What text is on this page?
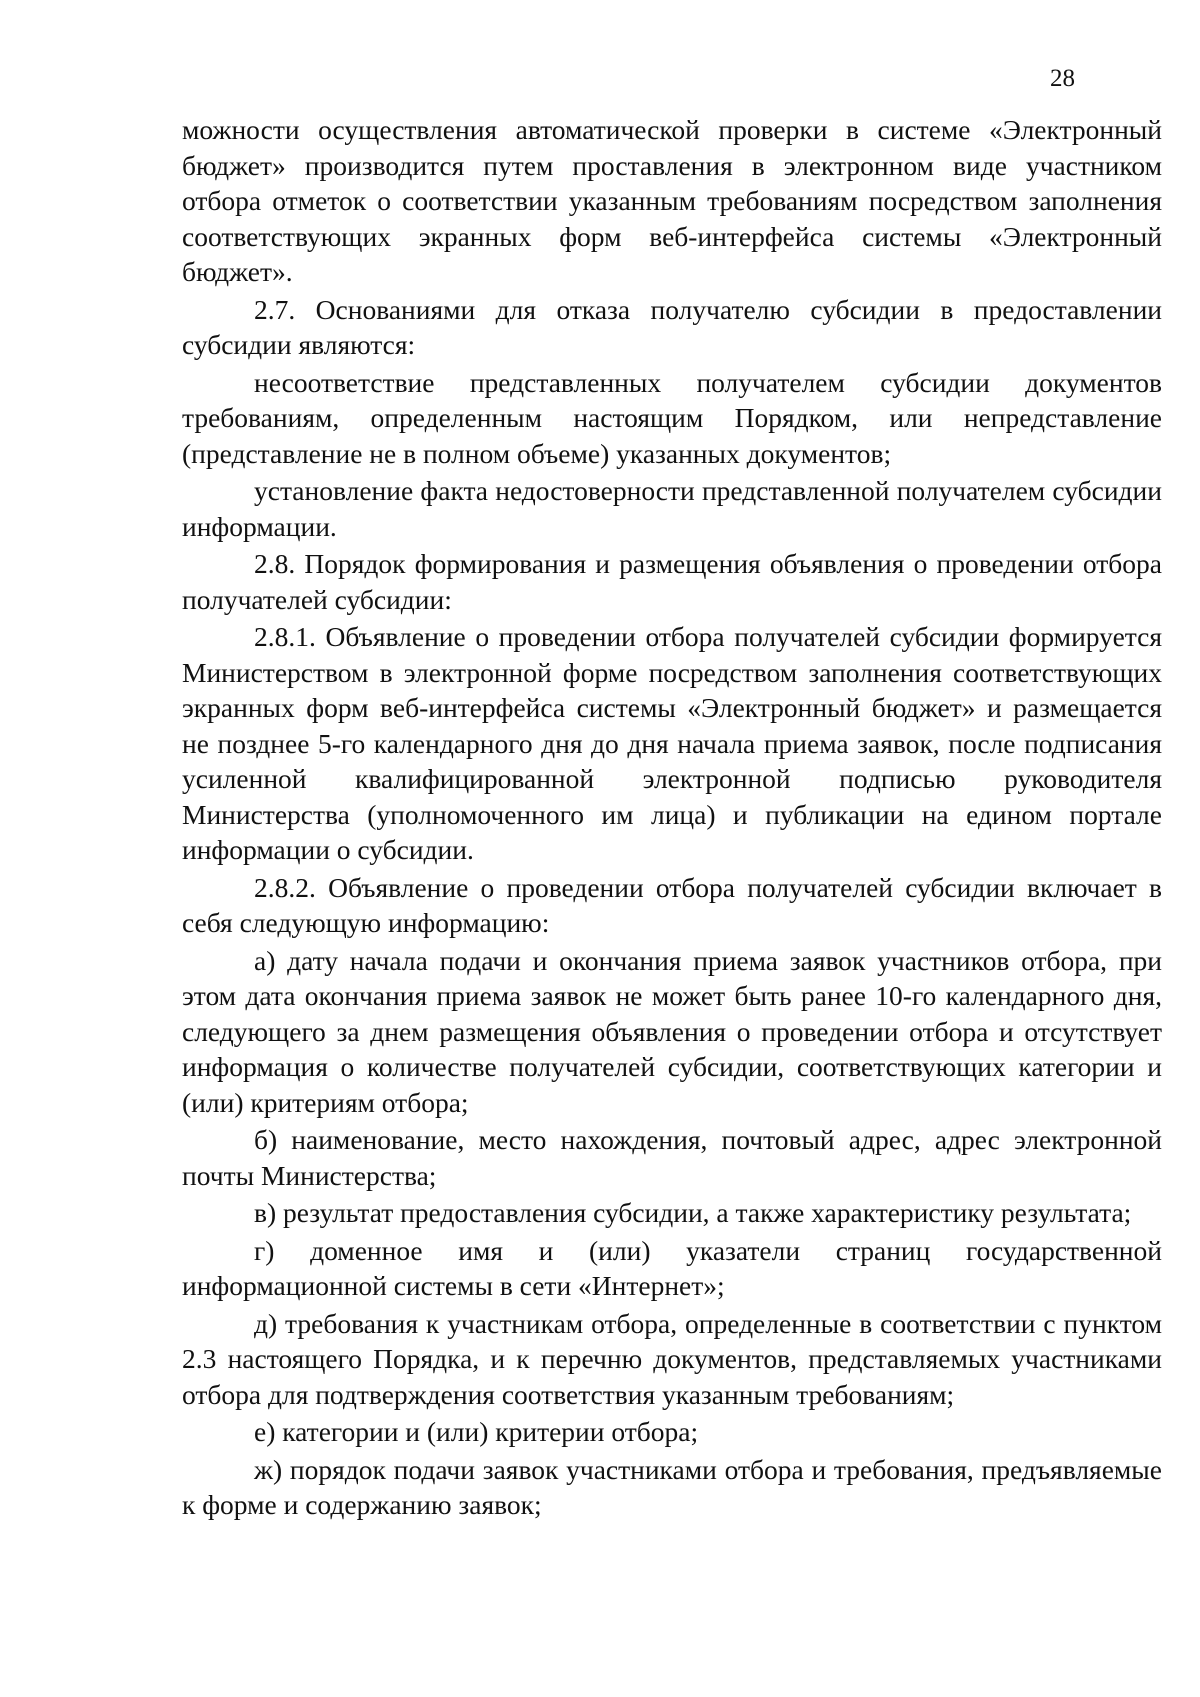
28

можности осуществления автоматической проверки в системе «Электронный бюджет» производится путем проставления в электронном виде участником отбора отметок о соответствии указанным требованиям посредством заполнения соответствующих экранных форм веб-интерфейса системы «Электронный бюджет».

2.7. Основаниями для отказа получателю субсидии в предоставлении субсидии являются:

несоответствие представленных получателем субсидии документов требованиям, определенным настоящим Порядком, или непредставление (представление не в полном объеме) указанных документов;

установление факта недостоверности представленной получателем субсидии информации.

2.8. Порядок формирования и размещения объявления о проведении отбора получателей субсидии:

2.8.1. Объявление о проведении отбора получателей субсидии формируется Министерством в электронной форме посредством заполнения соответствующих экранных форм веб-интерфейса системы «Электронный бюджет» и размещается не позднее 5-го календарного дня до дня начала приема заявок, после подписания усиленной квалифицированной электронной подписью руководителя Министерства (уполномоченного им лица) и публикации на едином портале информации о субсидии.

2.8.2. Объявление о проведении отбора получателей субсидии включает в себя следующую информацию:

а) дату начала подачи и окончания приема заявок участников отбора, при этом дата окончания приема заявок не может быть ранее 10-го календарного дня, следующего за днем размещения объявления о проведении отбора и отсутствует информация о количестве получателей субсидии, соответствующих категории и (или) критериям отбора;

б) наименование, место нахождения, почтовый адрес, адрес электронной почты Министерства;

в) результат предоставления субсидии, а также характеристику результата;

г) доменное имя и (или) указатели страниц государственной информационной системы в сети «Интернет»;

д) требования к участникам отбора, определенные в соответствии с пунктом 2.3 настоящего Порядка, и к перечню документов, представляемых участниками отбора для подтверждения соответствия указанным требованиям;

е) категории и (или) критерии отбора;

ж) порядок подачи заявок участниками отбора и требования, предъявляемые к форме и содержанию заявок;
